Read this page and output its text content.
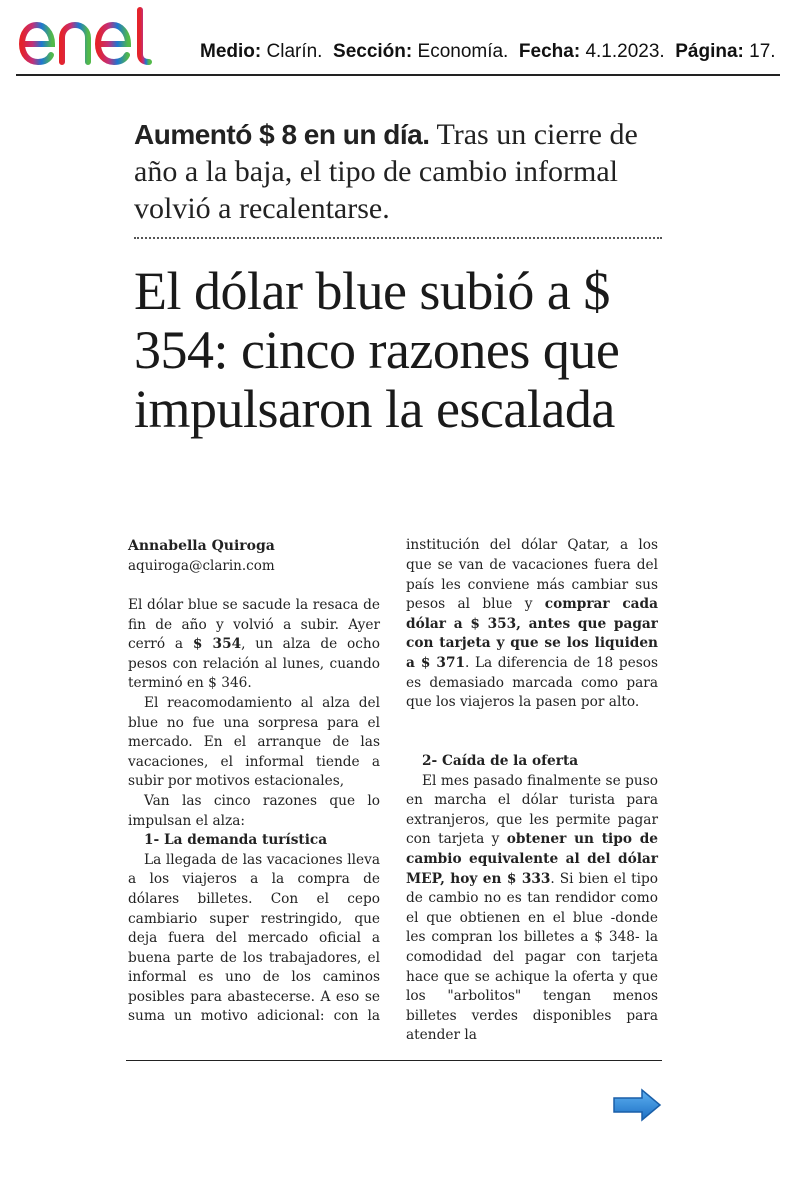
enel
Medio: Clarín. Sección: Economía. Fecha: 4.1.2023. Página: 17.
Aumentó $ 8 en un día. Tras un cierre de año a la baja, el tipo de cambio informal volvió a recalentarse.
El dólar blue subió a $ 354: cinco razones que impulsaron la escalada
Annabella Quiroga
aquiroga@clarin.com

El dólar blue se sacude la resaca de fin de año y volvió a subir. Ayer cerró a $ 354, un alza de ocho pesos con relación al lunes, cuando terminó en $ 346.

El reacomodamiento al alza del blue no fue una sorpresa para el mercado. En el arranque de las vacaciones, el informal tiende a subir por motivos estacionales,

Van las cinco razones que lo impulsan el alza:

1- La demanda turística

La llegada de las vacaciones lleva a los viajeros a la compra de dólares billetes. Con el cepo cambiario super restringido, que deja fuera del mercado oficial a buena parte de los trabajadores, el informal es uno de los caminos posibles para abastecerse. A eso se suma un motivo adicional: con la

institución del dólar Qatar, a los que se van de vacaciones fuera del país les conviene más cambiar sus pesos al blue y comprar cada dólar a $ 353, antes que pagar con tarjeta y que se los liquiden a $ 371. La diferencia de 18 pesos es demasiado marcada como para que los viajeros la pasen por alto.

2- Caída de la oferta

El mes pasado finalmente se puso en marcha el dólar turista para extranjeros, que les permite pagar con tarjeta y obtener un tipo de cambio equivalente al del dólar MEP, hoy en $ 333. Si bien el tipo de cambio no es tan rendidor como el que obtienen en el blue -donde les compran los billetes a $ 348- la comodidad del pagar con tarjeta hace que se achique la oferta y que los "arbolitos" tengan menos billetes verdes disponibles para atender la
